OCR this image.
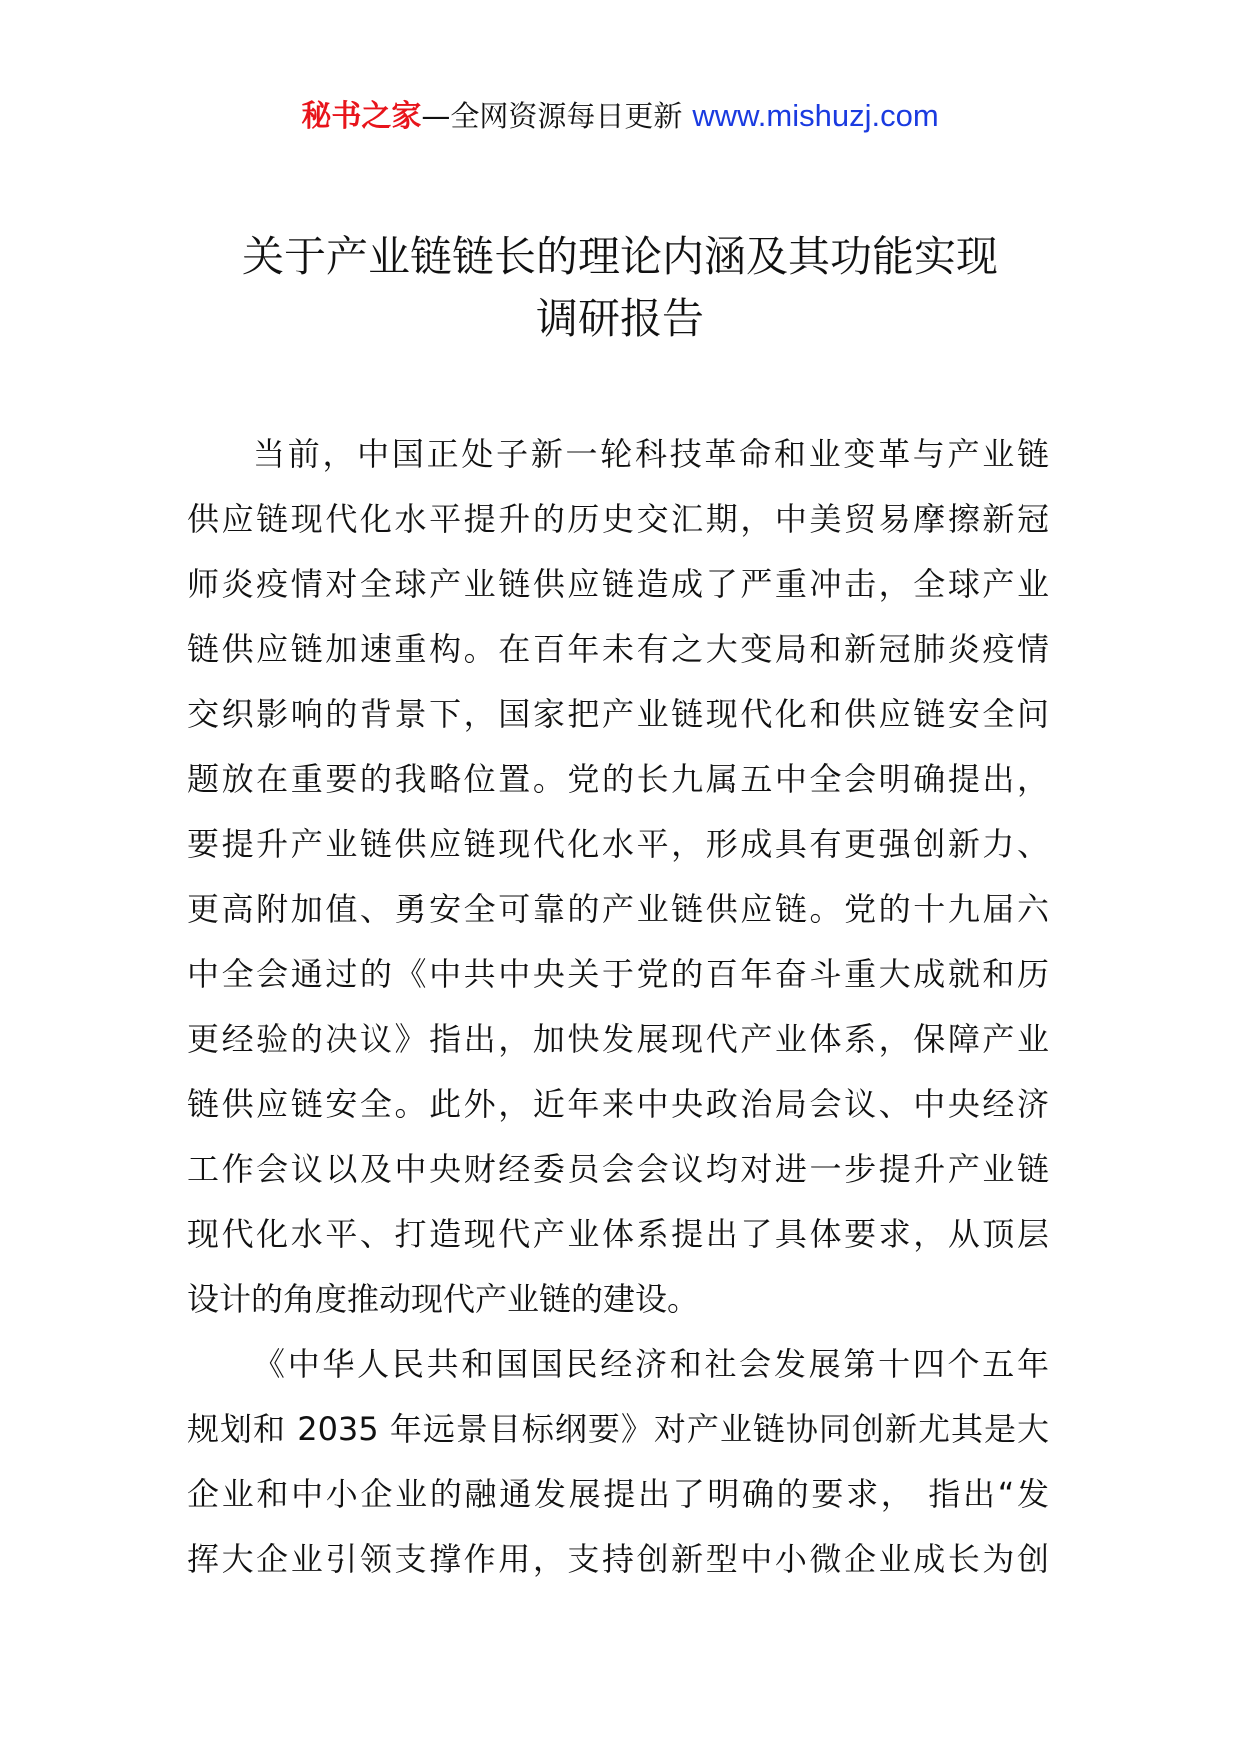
秘书之家—全网资源每日更新 www.mishuzj.com
关于产业链链长的理论内涵及其功能实现
调研报告
当前，中国正处子新一轮科技革命和业变革与产业链
供应链现代化水平提升的历史交汇期，中美贸易摩擦新冠
师炎疫情对全球产业链供应链造成了严重冲击，全球产业
链供应链加速重构。在百年未有之大变局和新冠肺炎疫情
交织影响的背景下，国家把产业链现代化和供应链安全问
题放在重要的我略位置。党的长九属五中全会明确提出，
要提升产业链供应链现代化水平，形成具有更强创新力、
更高附加值、勇安全可靠的产业链供应链。党的十九届六
中全会通过的《中共中央关于党的百年奋斗重大成就和历
更经验的决议》指出，加快发展现代产业体系，保障产业
链供应链安全。此外，近年来中央政治局会议、中央经济
工作会议以及中央财经委员会会议均对进一步提升产业链
现代化水平、打造现代产业体系提出了具体要求，从顶层
设计的角度推动现代产业链的建设。
《中华人民共和国国民经济和社会发展第十四个五年
规划和 2035 年远景目标纲要》对产业链协同创新尤其是大
企业和中小企业的融通发展提出了明确的要求， 指出“发
挥大企业引领支撑作用，支持创新型中小微企业成长为创
